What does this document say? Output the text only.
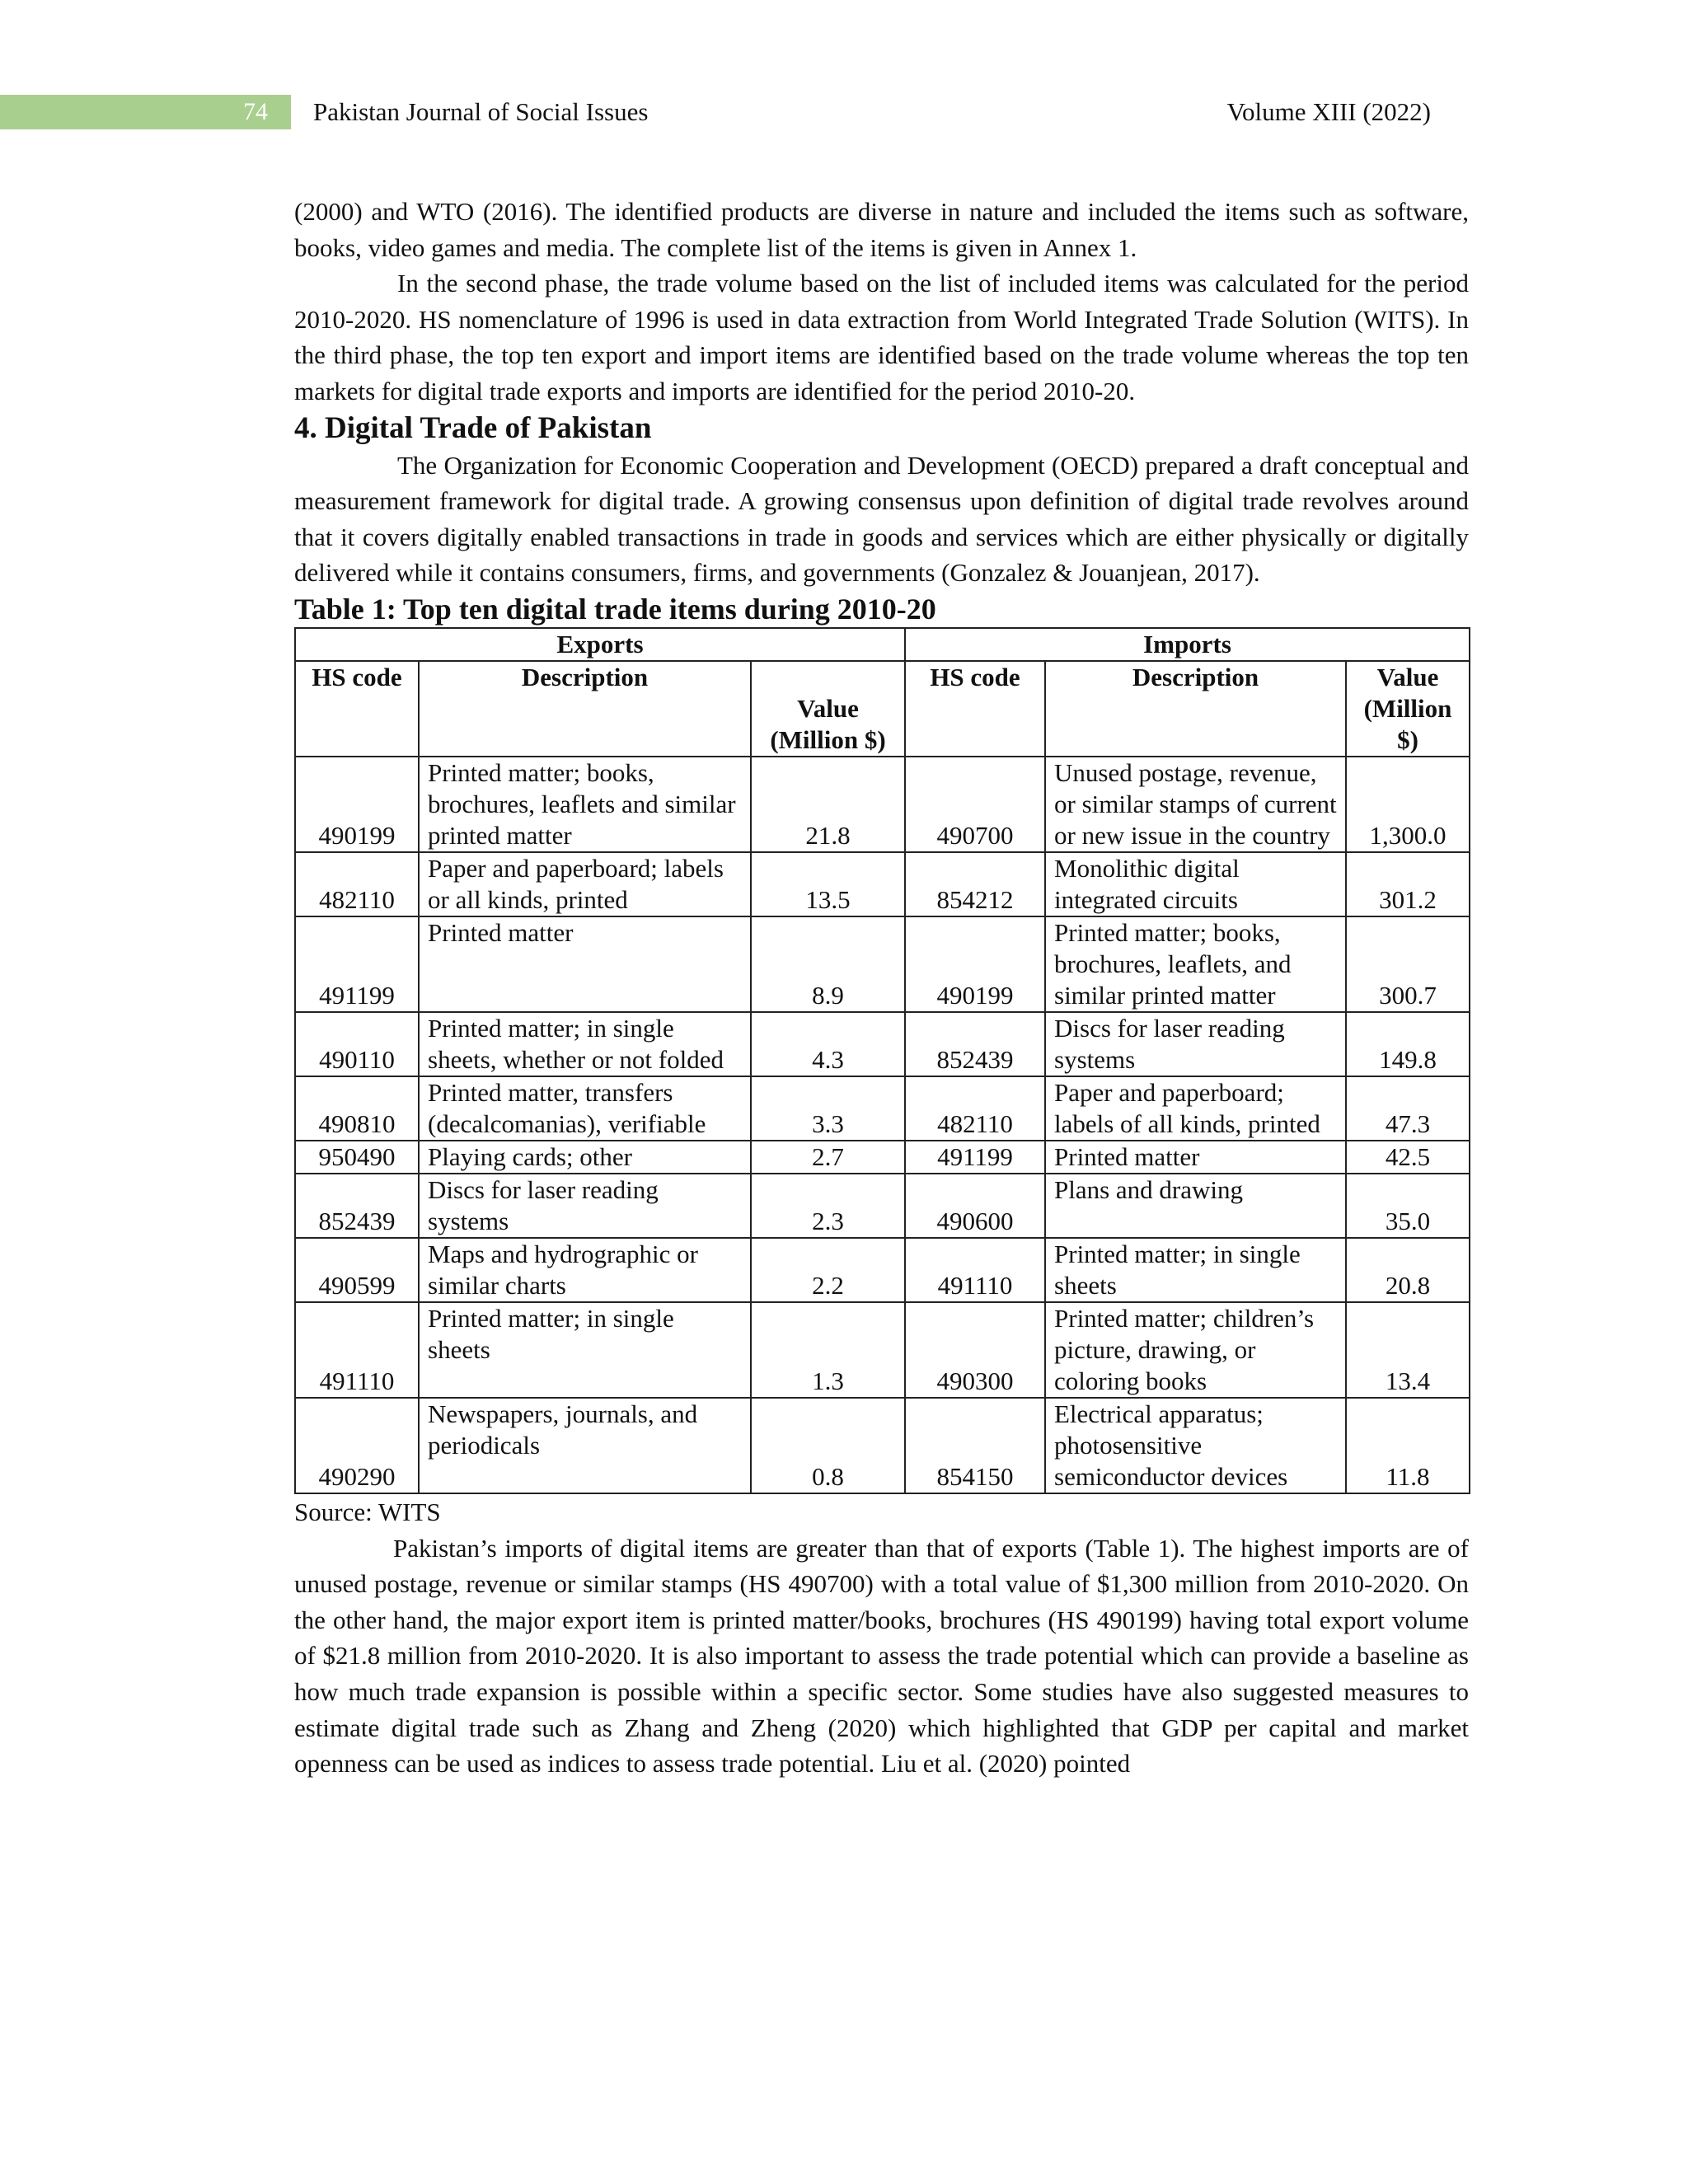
74 Pakistan Journal of Social Issues	Volume XIII (2022)

(2000) and WTO (2016). The identified products are diverse in nature and included the items such as software, books, video games and media. The complete list of the items is given in Annex 1.

In the second phase, the trade volume based on the list of included items was calculated for the period 2010-2020. HS nomenclature of 1996 is used in data extraction from World Integrated Trade Solution (WITS). In the third phase, the top ten export and import items are identified based on the trade volume whereas the top ten markets for digital trade exports and imports are identified for the period 2010-20.

4. Digital Trade of Pakistan

The Organization for Economic Cooperation and Development (OECD) prepared a draft conceptual and measurement framework for digital trade. A growing consensus upon definition of digital trade revolves around that it covers digitally enabled transactions in trade in goods and services which are either physically or digitally delivered while it contains consumers, firms, and governments (Gonzalez & Jouanjean, 2017).

Table 1: Top ten digital trade items during 2010-20

Exports			Imports		
HS code	Description	Value (Million $)	HS code	Description	Value (Million $)
490199	Printed matter; books, brochures, leaflets and similar printed matter	21.8	490700	Unused postage, revenue, or similar stamps of current or new issue in the country	1,300.0
482110	Paper and paperboard; labels or all kinds, printed	13.5	854212	Monolithic digital integrated circuits	301.2
491199	Printed matter	8.9	490199	Printed matter; books, brochures, leaflets, and similar printed matter	300.7
490110	Printed matter; in single sheets, whether or not folded	4.3	852439	Discs for laser reading systems	149.8
490810	Printed matter, transfers (decalcomanias), verifiable	3.3	482110	Paper and paperboard; labels of all kinds, printed	47.3
950490	Playing cards; other	2.7	491199	Printed matter	42.5
852439	Discs for laser reading systems	2.3	490600	Plans and drawing	35.0
490599	Maps and hydrographic or similar charts	2.2	491110	Printed matter; in single sheets	20.8
491110	Printed matter; in single sheets	1.3	490300	Printed matter; children’s picture, drawing, or coloring books	13.4
490290	Newspapers, journals, and periodicals	0.8	854150	Electrical apparatus; photosensitive semiconductor devices	11.8

Source: WITS

Pakistan’s imports of digital items are greater than that of exports (Table 1). The highest imports are of unused postage, revenue or similar stamps (HS 490700) with a total value of $1,300 million from 2010-2020. On the other hand, the major export item is printed matter/books, brochures (HS 490199) having total export volume of $21.8 million from 2010-2020. It is also important to assess the trade potential which can provide a baseline as how much trade expansion is possible within a specific sector. Some studies have also suggested measures to estimate digital trade such as Zhang and Zheng (2020) which highlighted that GDP per capital and market openness can be used as indices to assess trade potential. Liu et al. (2020) pointed
